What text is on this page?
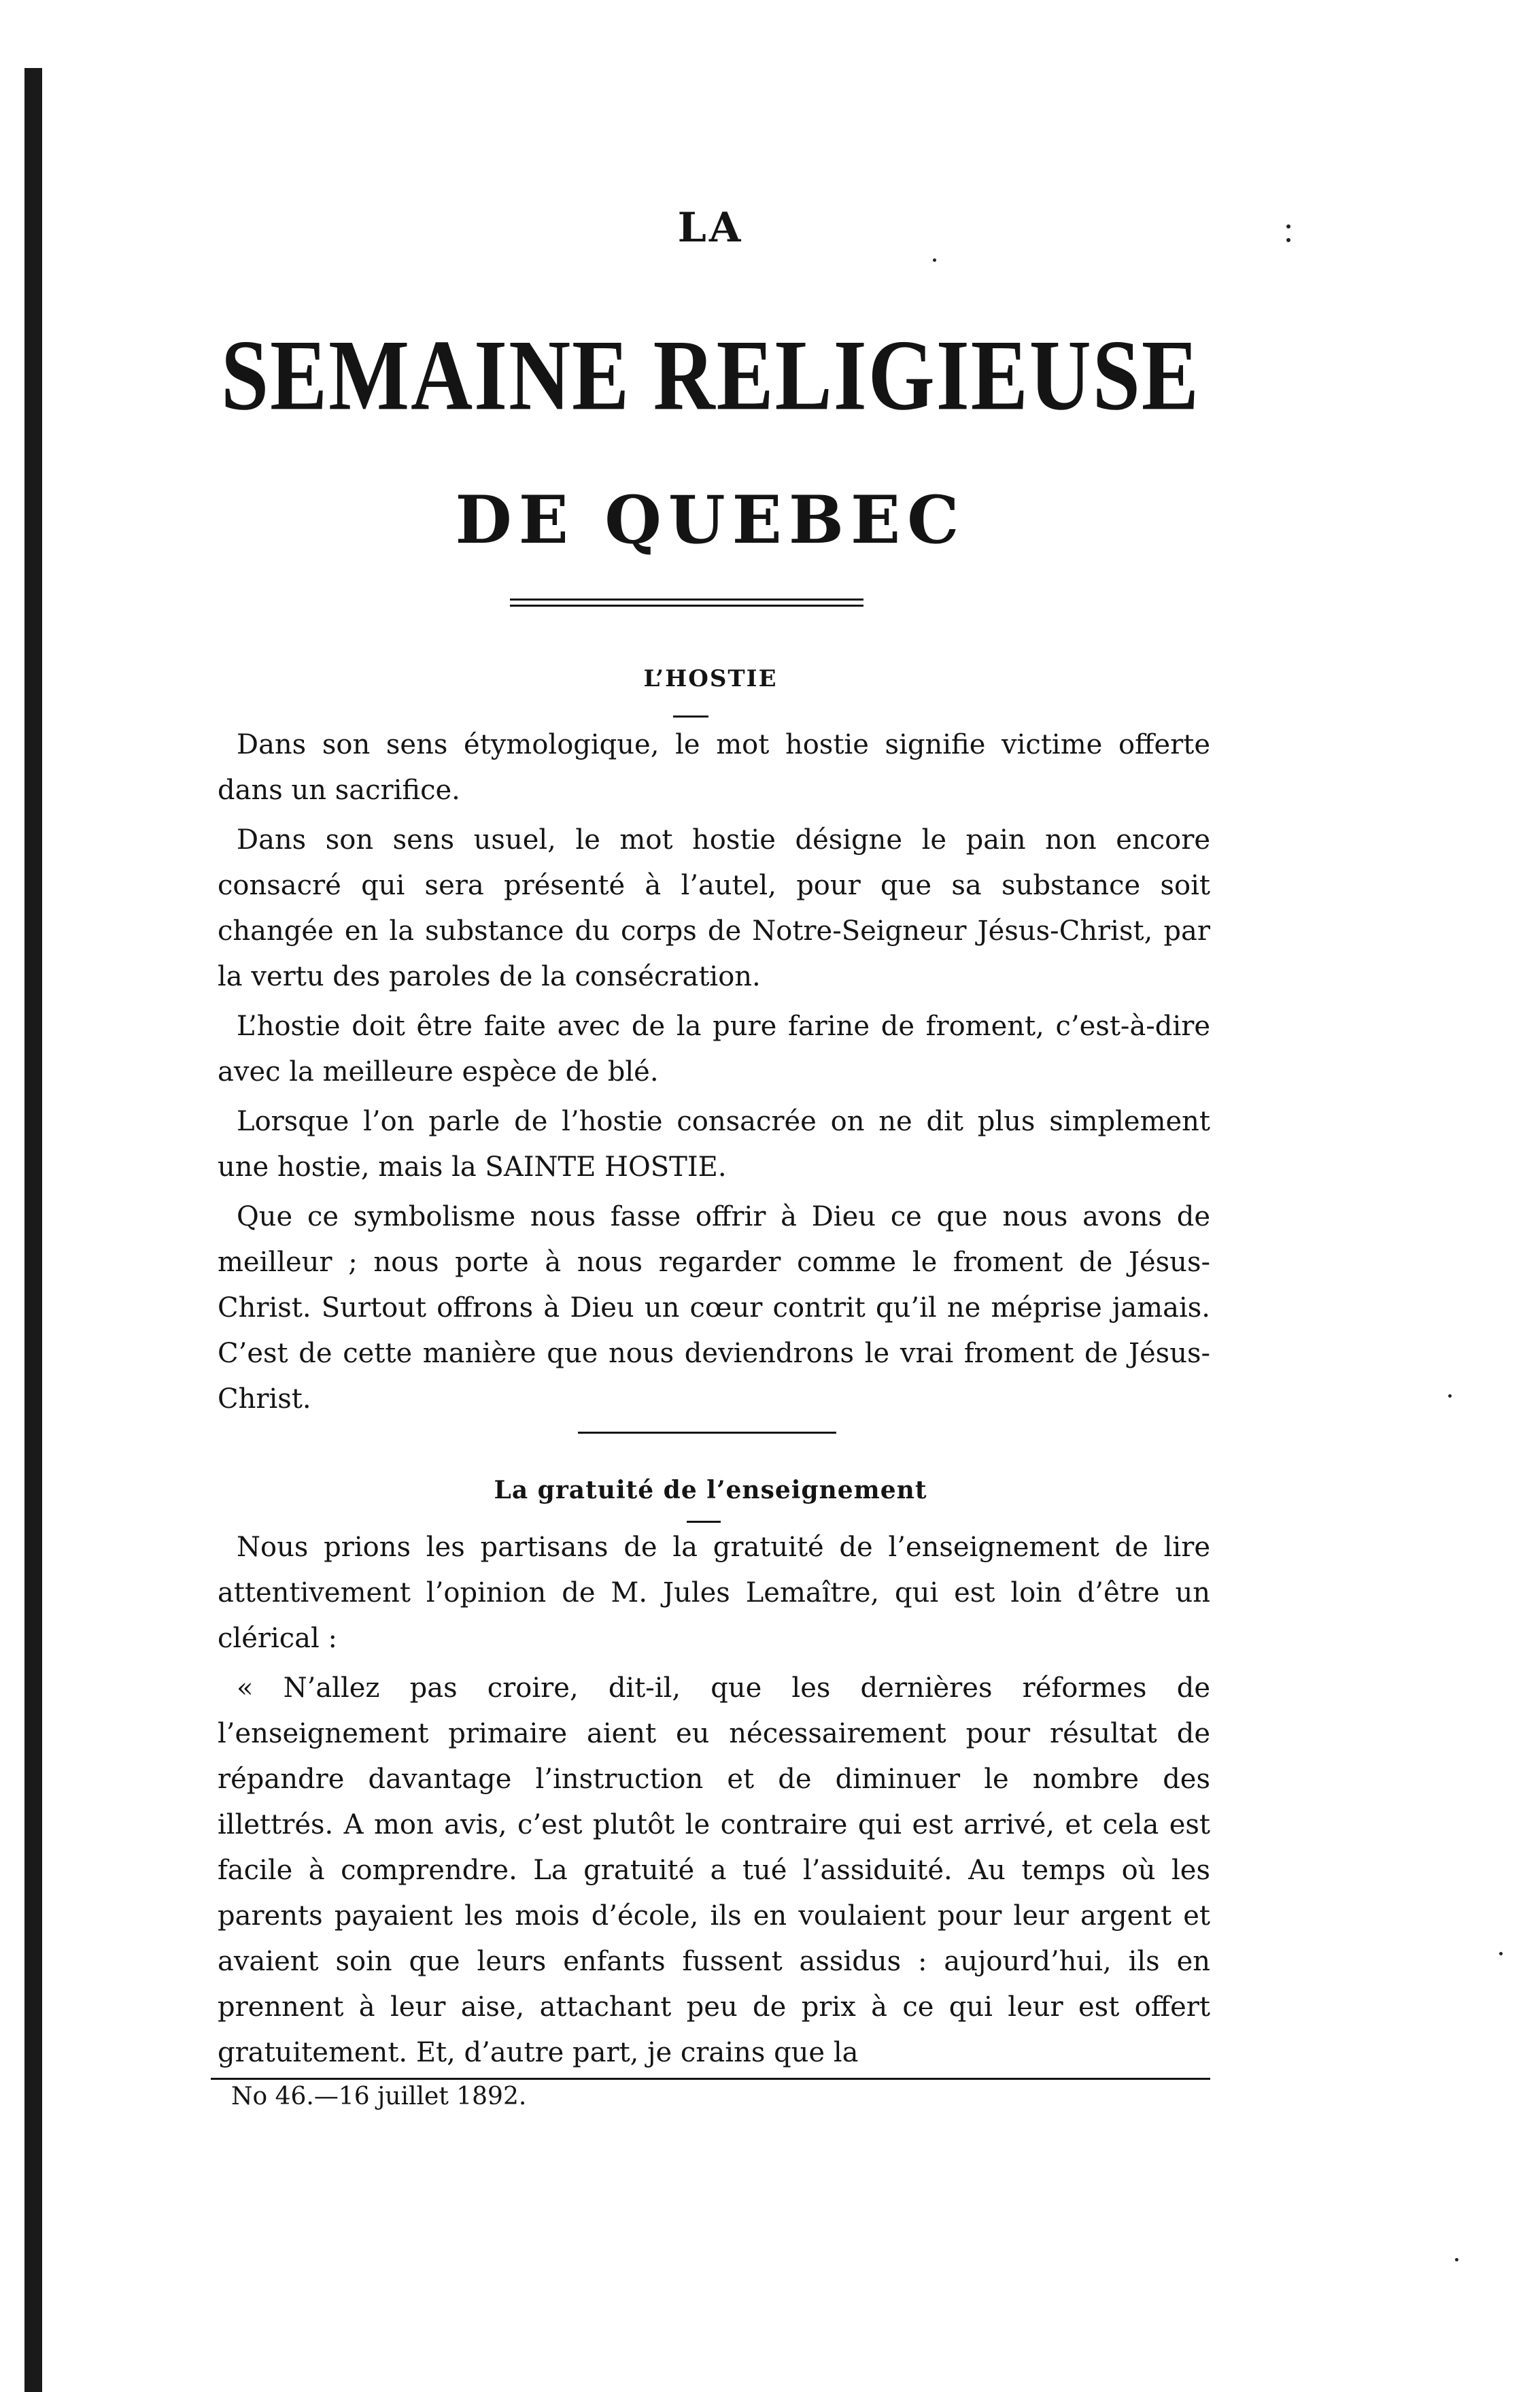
LA
SEMAINE RELIGIEUSE
DE QUEBEC
L’HOSTIE

Dans son sens étymologique, le mot hostie signifie victime offerte dans un sacrifice.

Dans son sens usuel, le mot hostie désigne le pain non encore consacré qui sera présenté à l’autel, pour que sa substance soit changée en la substance du corps de Notre-Seigneur Jésus-Christ, par la vertu des paroles de la consécration.

L’hostie doit être faite avec de la pure farine de froment, c’est-à-dire avec la meilleure espèce de blé.

Lorsque l’on parle de l’hostie consacrée on ne dit plus simplement une hostie, mais la SAINTE HOSTIE.

Que ce symbolisme nous fasse offrir à Dieu ce que nous avons de meilleur ; nous porte à nous regarder comme le froment de Jésus-Christ. Surtout offrons à Dieu un cœur contrit qu’il ne méprise jamais. C’est de cette manière que nous deviendrons le vrai froment de Jésus-Christ.

La gratuité de l’enseignement

Nous prions les partisans de la gratuité de l’enseignement de lire attentivement l’opinion de M. Jules Lemaître, qui est loin d’être un clérical :

« N’allez pas croire, dit-il, que les dernières réformes de l’enseignement primaire aient eu nécessairement pour résultat de répandre davantage l’instruction et de diminuer le nombre des illettrés. A mon avis, c’est plutôt le contraire qui est arrivé, et cela est facile à comprendre. La gratuité a tué l’assiduité. Au temps où les parents payaient les mois d’école, ils en voulaient pour leur argent et avaient soin que leurs enfants fussent assidus : aujourd’hui, ils en prennent à leur aise, attachant peu de prix à ce qui leur est offert gratuitement. Et, d’autre part, je crains que la

No 46.—16 juillet 1892.
